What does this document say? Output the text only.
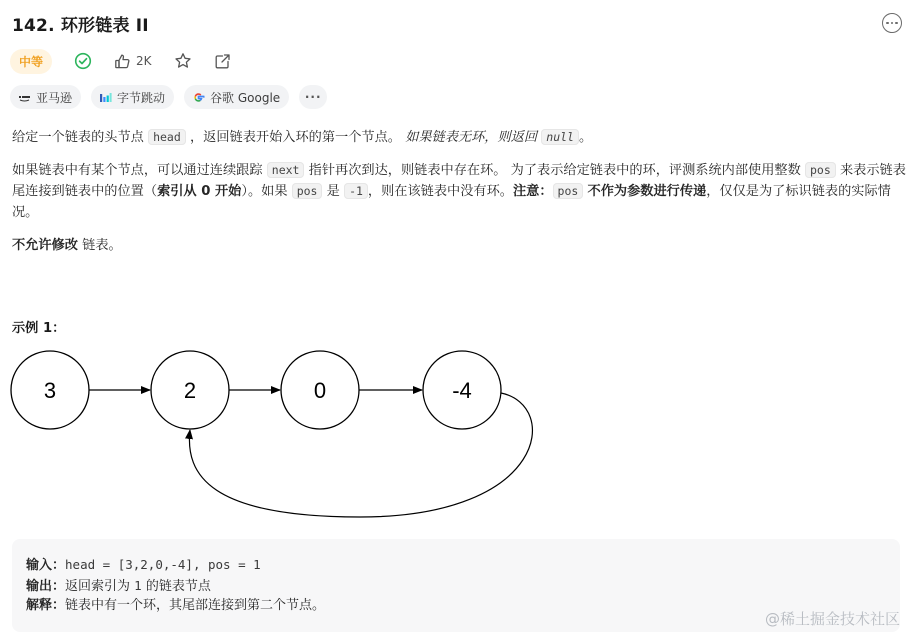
142. 环形链表 II
中等	2K
亚马逊	字节跳动	谷歌 Google	···

给定一个链表的头节点 head ，返回链表开始入环的第一个节点。 如果链表无环，则返回 null 。

如果链表中有某个节点，可以通过连续跟踪 next 指针再次到达，则链表中存在环。 为了表示给定链表中的环，评测系统内部使用整数 pos 来表示链表尾连接到链表中的位置（索引从 0 开始）。如果 pos 是 -1 ，则在该链表中没有环。注意： pos 不作为参数进行传递，仅仅是为了标识链表的实际情况。

不允许修改 链表。

示例 1：
3	2	0	-4
输入：head = [3,2,0,-4], pos = 1
输出：返回索引为 1 的链表节点
解释：链表中有一个环，其尾部连接到第二个节点。
@稀土掘金技术社区
